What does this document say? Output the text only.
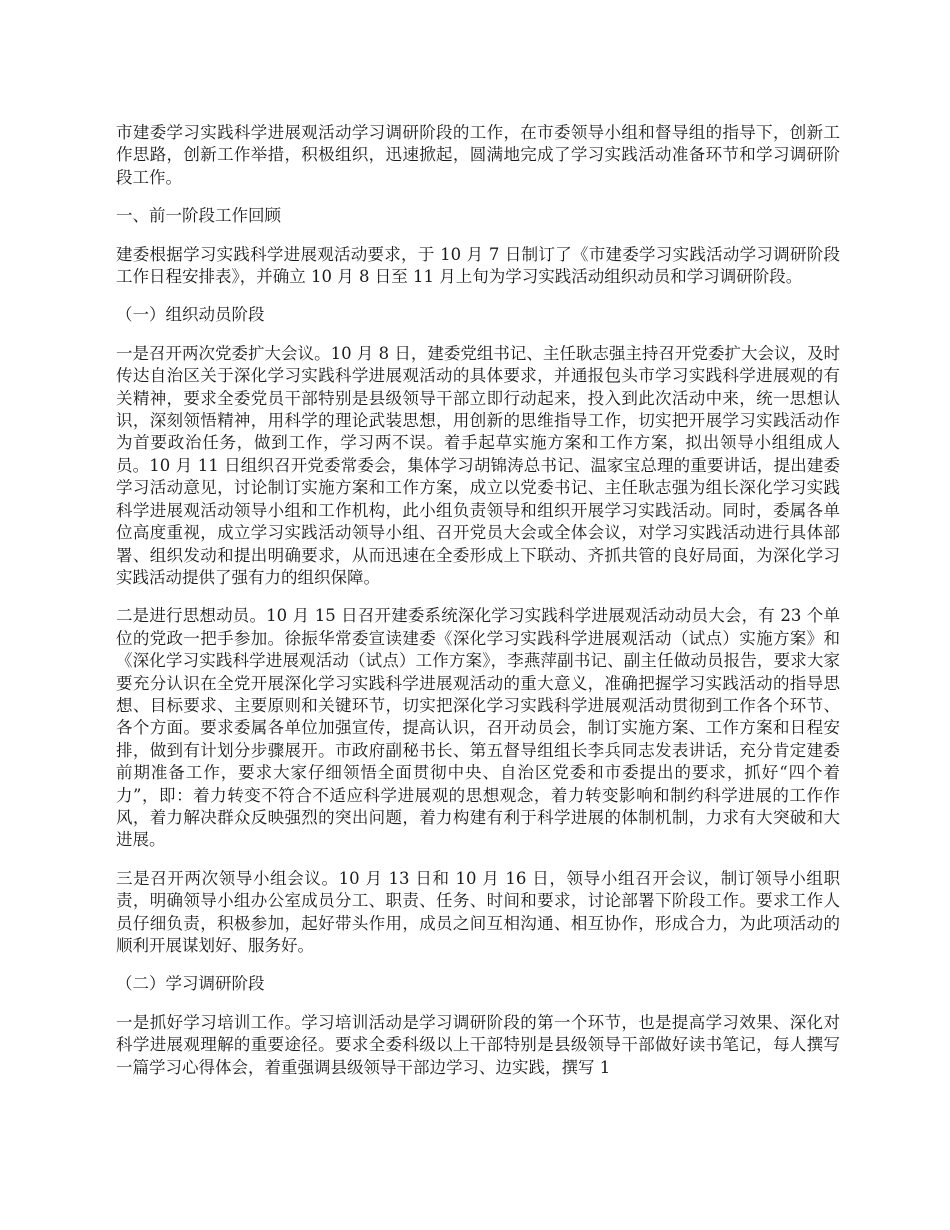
市建委学习实践科学进展观活动学习调研阶段的工作，在市委领导小组和督导组的指导下，创新工作思路，创新工作举措，积极组织，迅速掀起，圆满地完成了学习实践活动准备环节和学习调研阶段工作。

一、前一阶段工作回顾

建委根据学习实践科学进展观活动要求，于 10 月 7 日制订了《市建委学习实践活动学习调研阶段工作日程安排表》，并确立 10 月 8 日至 11 月上旬为学习实践活动组织动员和学习调研阶段。

（一）组织动员阶段

一是召开两次党委扩大会议。10 月 8 日，建委党组书记、主任耿志强主持召开党委扩大会议，及时传达自治区关于深化学习实践科学进展观活动的具体要求，并通报包头市学习实践科学进展观的有关精神，要求全委党员干部特别是县级领导干部立即行动起来，投入到此次活动中来，统一思想认识，深刻领悟精神，用科学的理论武装思想，用创新的思维指导工作，切实把开展学习实践活动作为首要政治任务，做到工作，学习两不误。着手起草实施方案和工作方案，拟出领导小组组成人员。10 月 11 日组织召开党委常委会，集体学习胡锦涛总书记、温家宝总理的重要讲话，提出建委学习活动意见，讨论制订实施方案和工作方案，成立以党委书记、主任耿志强为组长深化学习实践科学进展观活动领导小组和工作机构，此小组负责领导和组织开展学习实践活动。同时，委属各单位高度重视，成立学习实践活动领导小组、召开党员大会或全体会议，对学习实践活动进行具体部署、组织发动和提出明确要求，从而迅速在全委形成上下联动、齐抓共管的良好局面，为深化学习实践活动提供了强有力的组织保障。

二是进行思想动员。10 月 15 日召开建委系统深化学习实践科学进展观活动动员大会，有 23 个单位的党政一把手参加。徐振华常委宣读建委《深化学习实践科学进展观活动（试点）实施方案》和《深化学习实践科学进展观活动（试点）工作方案》，李燕萍副书记、副主任做动员报告，要求大家要充分认识在全党开展深化学习实践科学进展观活动的重大意义，准确把握学习实践活动的指导思想、目标要求、主要原则和关键环节，切实把深化学习实践科学进展观活动贯彻到工作各个环节、各个方面。要求委属各单位加强宣传，提高认识，召开动员会，制订实施方案、工作方案和日程安排，做到有计划分步骤展开。市政府副秘书长、第五督导组组长李兵同志发表讲话，充分肯定建委前期准备工作，要求大家仔细领悟全面贯彻中央、自治区党委和市委提出的要求，抓好“四个着力”，即：着力转变不符合不适应科学进展观的思想观念，着力转变影响和制约科学进展的工作作风，着力解决群众反映强烈的突出问题，着力构建有利于科学进展的体制机制，力求有大突破和大进展。

三是召开两次领导小组会议。10 月 13 日和 10 月 16 日，领导小组召开会议，制订领导小组职责，明确领导小组办公室成员分工、职责、任务、时间和要求，讨论部署下阶段工作。要求工作人员仔细负责，积极参加，起好带头作用，成员之间互相沟通、相互协作，形成合力，为此项活动的顺利开展谋划好、服务好。

（二）学习调研阶段

一是抓好学习培训工作。学习培训活动是学习调研阶段的第一个环节，也是提高学习效果、深化对科学进展观理解的重要途径。要求全委科级以上干部特别是县级领导干部做好读书笔记，每人撰写一篇学习心得体会，着重强调县级领导干部边学习、边实践，撰写 1
